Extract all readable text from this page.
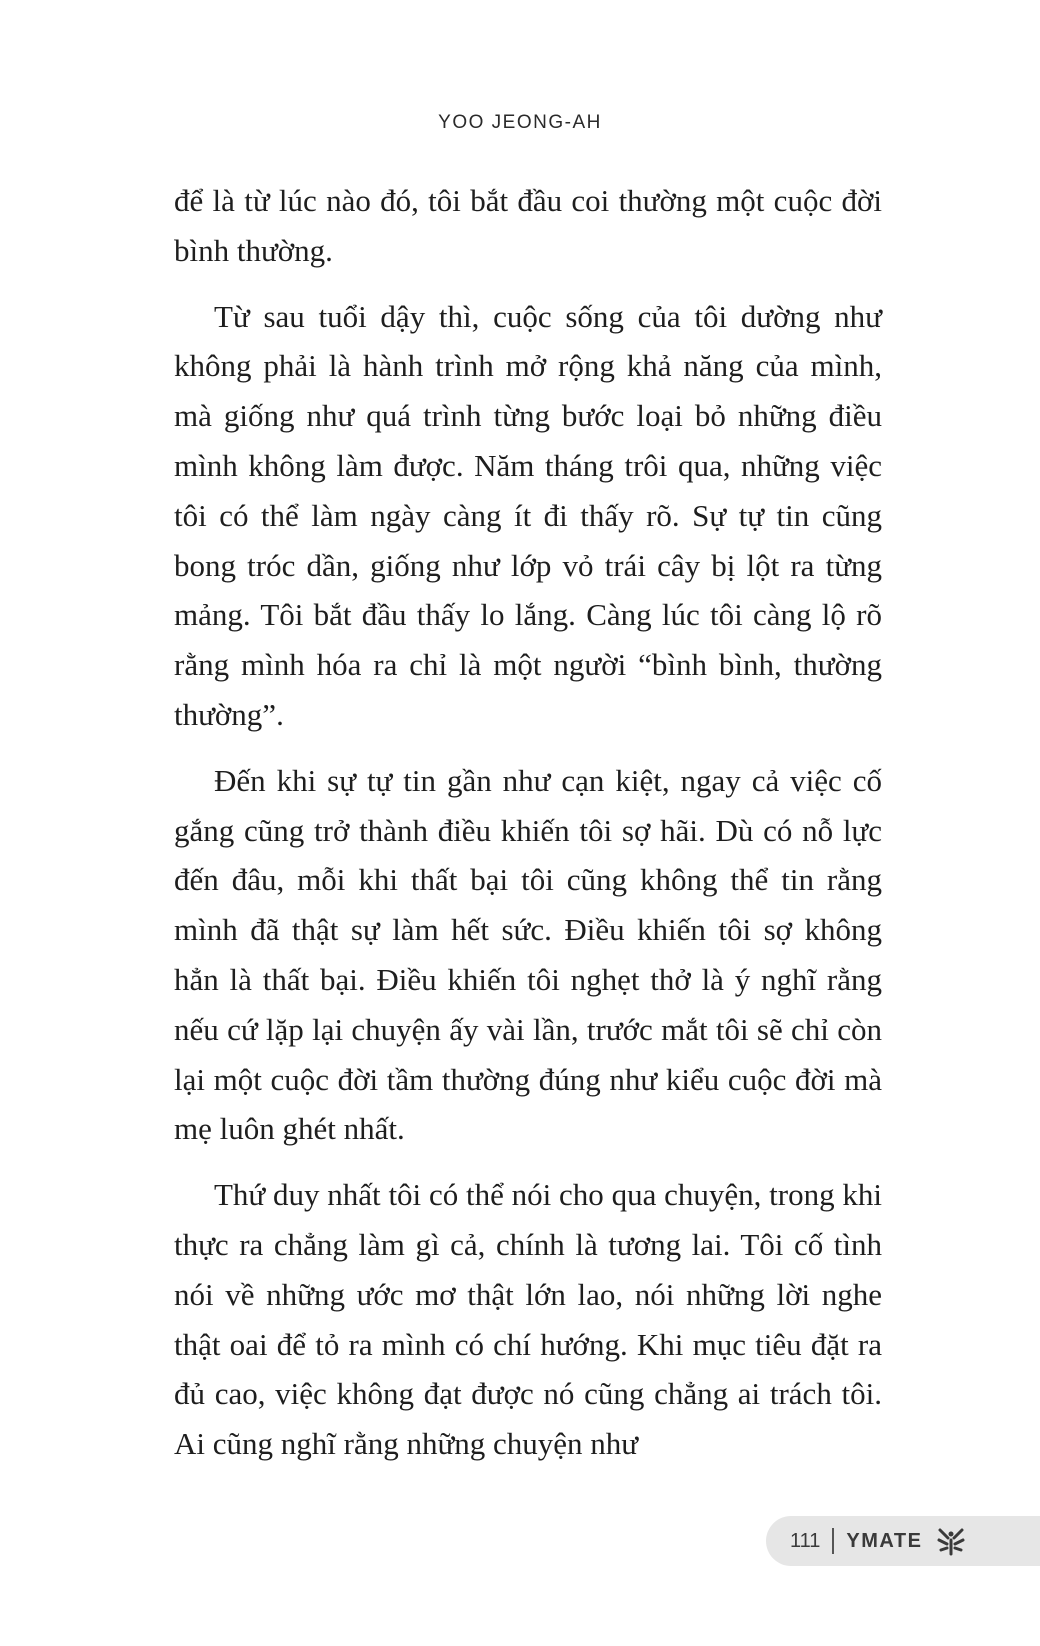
YOO JEONG-AH

để là từ lúc nào đó, tôi bắt đầu coi thường một cuộc đời bình thường.

Từ sau tuổi dậy thì, cuộc sống của tôi dường như không phải là hành trình mở rộng khả năng của mình, mà giống như quá trình từng bước loại bỏ những điều mình không làm được. Năm tháng trôi qua, những việc tôi có thể làm ngày càng ít đi thấy rõ. Sự tự tin cũng bong tróc dần, giống như lớp vỏ trái cây bị lột ra từng mảng. Tôi bắt đầu thấy lo lắng. Càng lúc tôi càng lộ rõ rằng mình hóa ra chỉ là một người “bình bình, thường thường”.

Đến khi sự tự tin gần như cạn kiệt, ngay cả việc cố gắng cũng trở thành điều khiến tôi sợ hãi. Dù có nỗ lực đến đâu, mỗi khi thất bại tôi cũng không thể tin rằng mình đã thật sự làm hết sức. Điều khiến tôi sợ không hẳn là thất bại. Điều khiến tôi nghẹt thở là ý nghĩ rằng nếu cứ lặp lại chuyện ấy vài lần, trước mắt tôi sẽ chỉ còn lại một cuộc đời tầm thường đúng như kiểu cuộc đời mà mẹ luôn ghét nhất.

Thứ duy nhất tôi có thể nói cho qua chuyện, trong khi thực ra chẳng làm gì cả, chính là tương lai. Tôi cố tình nói về những ước mơ thật lớn lao, nói những lời nghe thật oai để tỏ ra mình có chí hướng. Khi mục tiêu đặt ra đủ cao, việc không đạt được nó cũng chẳng ai trách tôi. Ai cũng nghĩ rằng những chuyện như

111 YMATE
